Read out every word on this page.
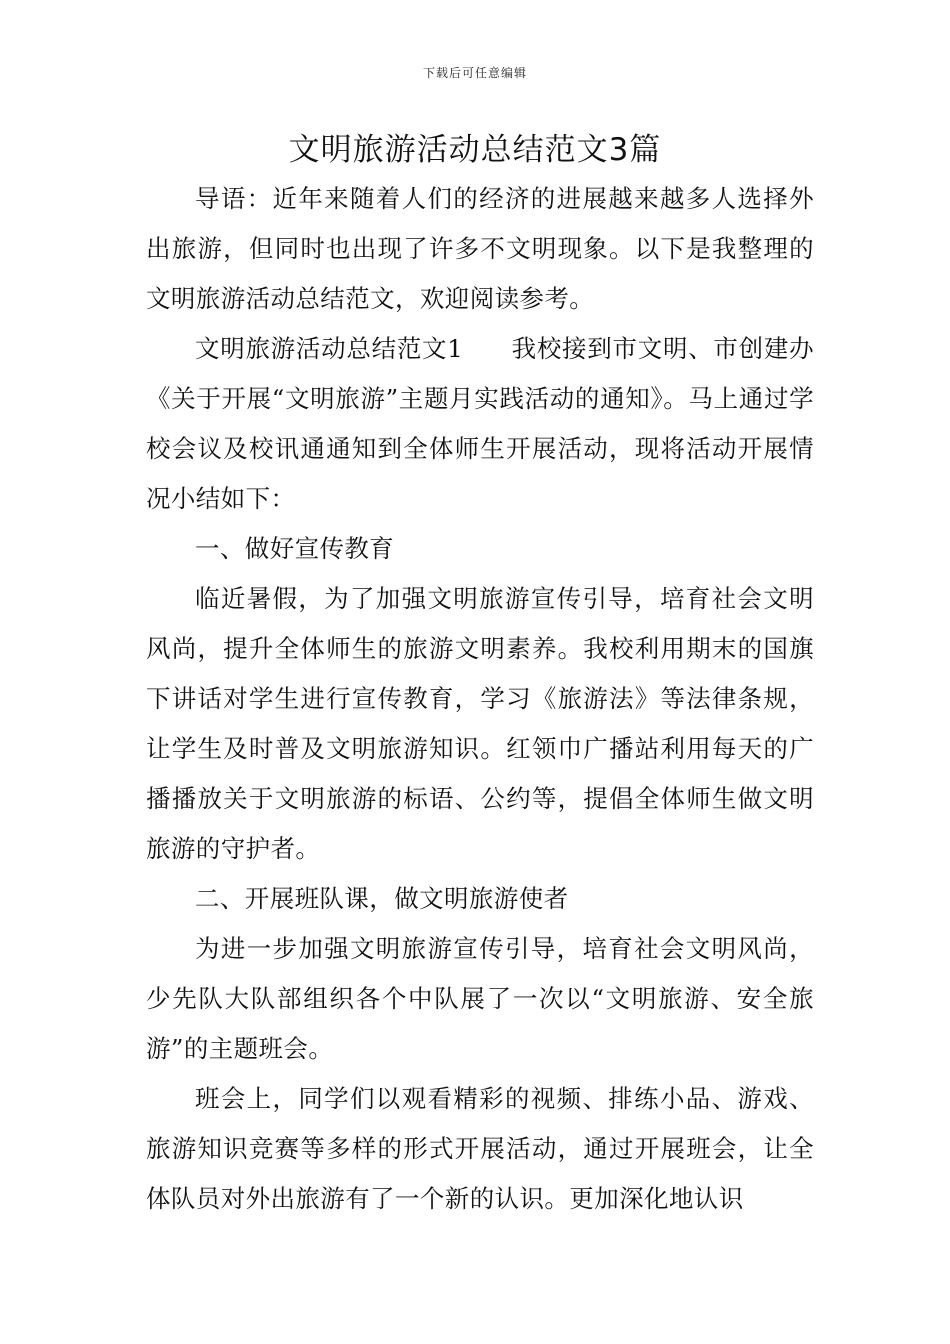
下载后可任意编辑
文明旅游活动总结范文3篇

导语：近年来随着人们的经济的进展越来越多人选择外出旅游，但同时也出现了许多不文明现象。以下是我整理的文明旅游活动总结范文，欢迎阅读参考。

文明旅游活动总结范文1 我校接到市文明、市创建办《关于开展“文明旅游”主题月实践活动的通知》。马上通过学校会议及校讯通通知到全体师生开展活动，现将活动开展情况小结如下：

一、做好宣传教育

临近暑假，为了加强文明旅游宣传引导，培育社会文明风尚，提升全体师生的旅游文明素养。我校利用期末的国旗下讲话对学生进行宣传教育，学习《旅游法》等法律条规，让学生及时普及文明旅游知识。红领巾广播站利用每天的广播播放关于文明旅游的标语、公约等，提倡全体师生做文明旅游的守护者。

二、开展班队课，做文明旅游使者

为进一步加强文明旅游宣传引导，培育社会文明风尚，少先队大队部组织各个中队展了一次以“文明旅游、安全旅游”的主题班会。

班会上，同学们以观看精彩的视频、排练小品、游戏、旅游知识竞赛等多样的形式开展活动，通过开展班会，让全体队员对外出旅游有了一个新的认识。更加深化地认识
